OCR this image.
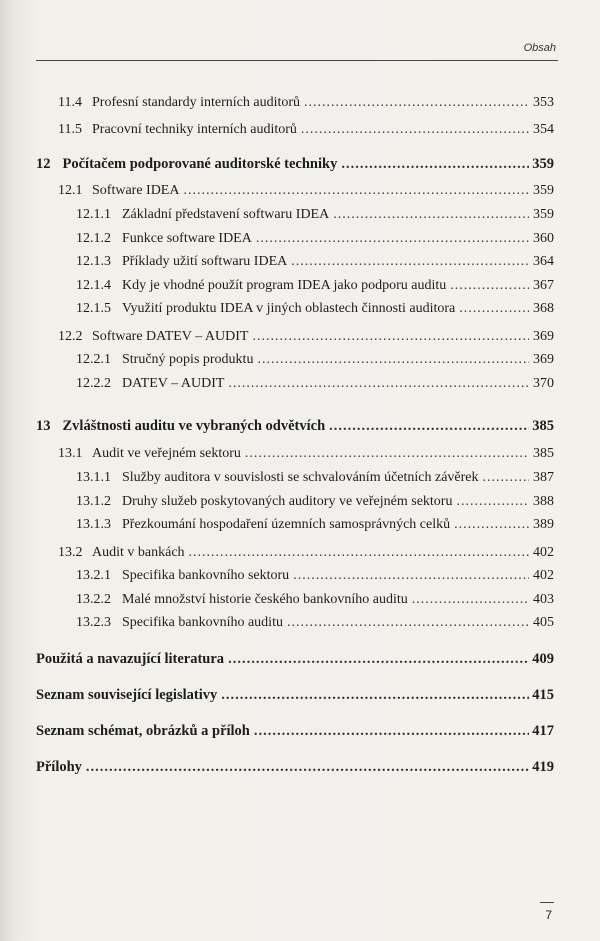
Obsah
11.4 Profesní standardy interních auditorů .....	353
11.5 Pracovní techniky interních auditorů .....	354
12 Počítačem podporované auditorské techniky .....	359
12.1 Software IDEA .....	359
12.1.1 Základní představení softwaru IDEA .....	359
12.1.2 Funkce software IDEA .....	360
12.1.3 Příklady užití softwaru IDEA .....	364
12.1.4 Kdy je vhodné použít program IDEA jako podporu auditu .....	367
12.1.5 Využití produktu IDEA v jiných oblastech činnosti auditora .....	368
12.2 Software DATEV – AUDIT .....	369
12.2.1 Stručný popis produktu .....	369
12.2.2 DATEV – AUDIT .....	370
13 Zvláštnosti auditu ve vybraných odvětvích .....	385
13.1 Audit ve veřejném sektoru .....	385
13.1.1 Služby auditora v souvislosti se schvalováním účetních závěrek .....	387
13.1.2 Druhy služeb poskytovaných auditory ve veřejném sektoru .....	388
13.1.3 Přezkoumání hospodaření územních samosprávných celků .....	389
13.2 Audit v bankách .....	402
13.2.1 Specifika bankovního sektoru .....	402
13.2.2 Malé množství historie českého bankovního auditu .....	403
13.2.3 Specifika bankovního auditu .....	405
Použitá a navazující literatura .....	409
Seznam související legislativy .....	415
Seznam schémat, obrázků a příloh .....	417
Přílohy .....	419
7
